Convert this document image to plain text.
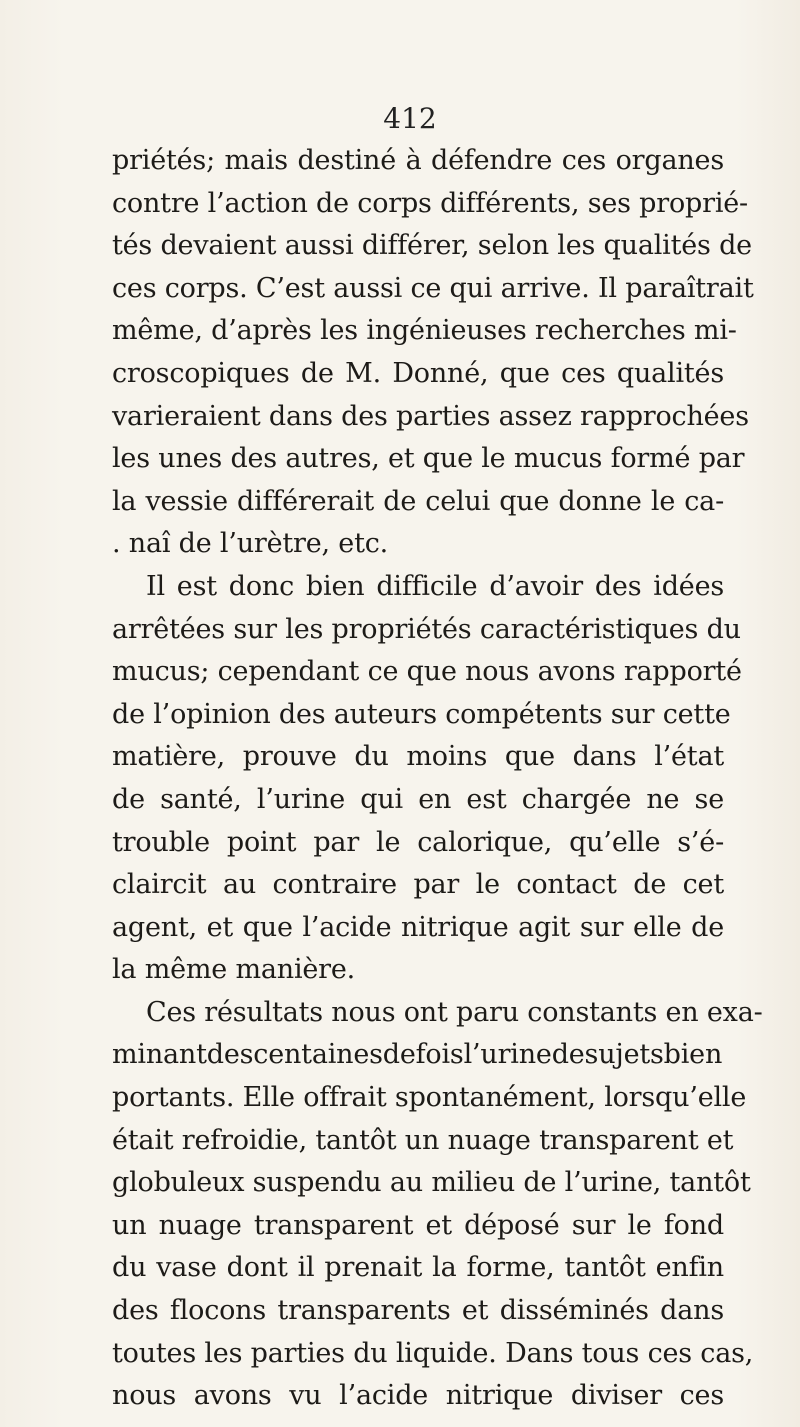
412
priétés; mais destiné à défendre ces organes
contre l’action de corps différents, ses proprié-
tés devaient aussi différer, selon les qualités de
ces corps. C’est aussi ce qui arrive. Il paraîtrait
même, d’après les ingénieuses recherches mi-
croscopiques de M. Donné, que ces qualités
varieraient dans des parties assez rapprochées
les unes des autres, et que le mucus formé par
la vessie différerait de celui que donne le ca-
. naî de l’urètre, etc.
Il est donc bien difficile d’avoir des idées
arrêtées sur les propriétés caractéristiques du
mucus; cependant ce que nous avons rapporté
de l’opinion des auteurs compétents sur cette
matière, prouve du moins que dans l’état
de santé, l’urine qui en est chargée ne se
trouble point par le calorique, qu’elle s’é-
claircit au contraire par le contact de cet
agent, et que l’acide nitrique agit sur elle de
la même manière.
Ces résultats nous ont paru constants en exa-
minantdescentainesdefoisl’urinedesujetsbien
portants. Elle offrait spontanément, lorsqu’elle
était refroidie, tantôt un nuage transparent et
globuleux suspendu au milieu de l’urine, tantôt
un nuage transparent et déposé sur le fond
du vase dont il prenait la forme, tantôt enfin
des flocons transparents et disséminés dans
toutes les parties du liquide. Dans tous ces cas,
nous avons vu l’acide nitrique diviser ces
